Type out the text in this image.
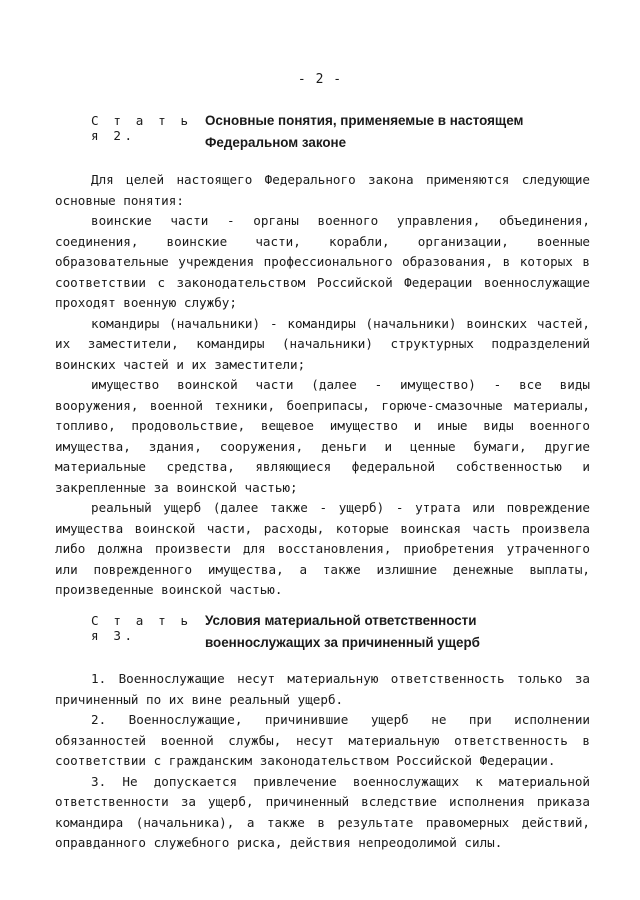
- 2 -
С т а т ь я 2.Основные понятия, применяемые в настоящем
Федеральном законе
Для целей настоящего Федерального закона применяются следующие
основные понятия:
воинские части - органы военного управления, объединения,
соединения, воинские части, корабли, организации, военные
образовательные учреждения профессионального образования, в которых в
соответствии с законодательством Российской Федерации военнослужащие
проходят военную службу;
командиры (начальники) - командиры (начальники) воинских частей,
их заместители, командиры (начальники) структурных подразделений
воинских частей и их заместители;
имущество воинской части (далее - имущество) - все виды
вооружения, военной техники, боеприпасы, горюче-смазочные материалы,
топливо, продовольствие, вещевое имущество и иные виды военного
имущества, здания, сооружения, деньги и ценные бумаги, другие
материальные средства, являющиеся федеральной собственностью и
закрепленные за воинской частью;
реальный ущерб (далее также - ущерб) - утрата или повреждение
имущества воинской части, расходы, которые воинская часть произвела
либо должна произвести для восстановления, приобретения утраченного
или поврежденного имущества, а также излишние денежные выплаты,
произведенные воинской частью.
С т а т ь я 3.Условия материальной ответственности
военнослужащих за причиненный ущерб
1. Военнослужащие несут материальную ответственность только за
причиненный по их вине реальный ущерб.
2. Военнослужащие, причинившие ущерб не при исполнении
обязанностей военной службы, несут материальную ответственность в
соответствии с гражданским законодательством Российской Федерации.
3. Не допускается привлечение военнослужащих к материальной
ответственности за ущерб, причиненный вследствие исполнения приказа
командира (начальника), а также в результате правомерных действий,
оправданного служебного риска, действия непреодолимой силы.
